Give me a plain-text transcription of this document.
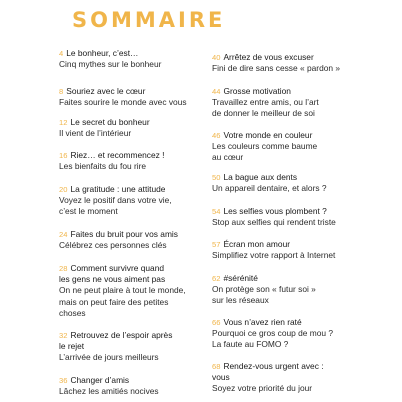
SOMMAIRE
4 Le bonheur, c’est…
Cinq mythes sur le bonheur
8 Souriez avec le cœur
Faites sourire le monde avec vous
12 Le secret du bonheur
Il vient de l’intérieur
16 Riez… et recommencez !
Les bienfaits du fou rire
20 La gratitude : une attitude
Voyez le positif dans votre vie,
c’est le moment
24 Faites du bruit pour vos amis
Célébrez ces personnes clés
28 Comment survivre quand
les gens ne vous aiment pas
On ne peut plaire à tout le monde,
mais on peut faire des petites
choses
32 Retrouvez de l’espoir après
le rejet
L’arrivée de jours meilleurs
36 Changer d’amis
Lâchez les amitiés nocives
40 Arrêtez de vous excuser
Fini de dire sans cesse « pardon »
44 Grosse motivation
Travaillez entre amis, ou l’art
de donner le meilleur de soi
46 Votre monde en couleur
Les couleurs comme baume
au cœur
50 La bague aux dents
Un appareil dentaire, et alors ?
54 Les selfies vous plombent ?
Stop aux selfies qui rendent triste
57 Écran mon amour
Simplifiez votre rapport à Internet
62 #sérénité
On protège son « futur soi »
sur les réseaux
66 Vous n’avez rien raté
Pourquoi ce gros coup de mou ?
La faute au FOMO ?
68 Rendez-vous urgent avec :
vous
Soyez votre priorité du jour
